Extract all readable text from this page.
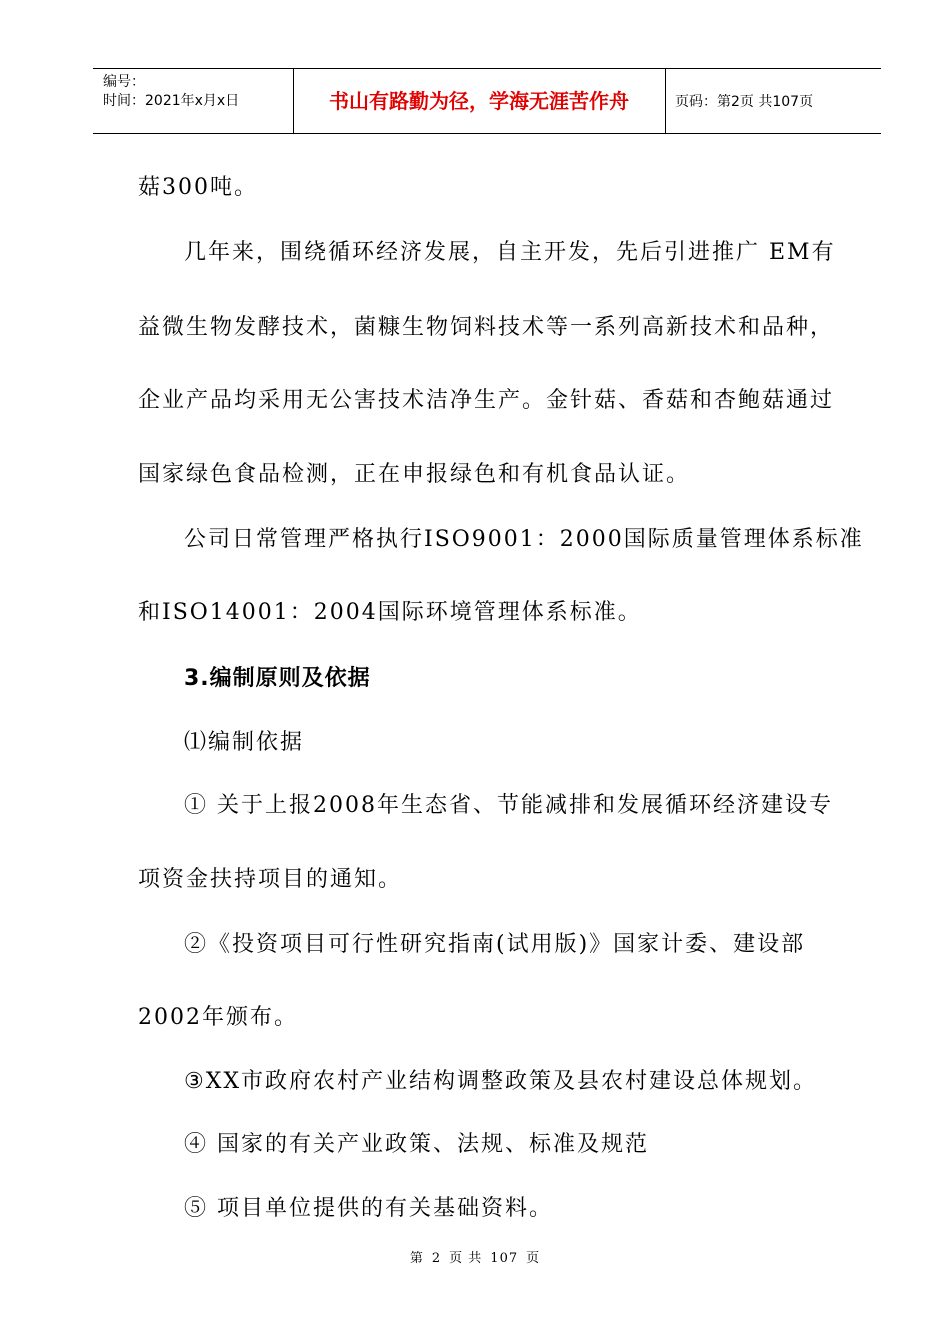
编号：
时间：2021年x月x日	书山有路勤为径，学海无涯苦作舟	页码：第2页 共107页
菇300吨。
几年来，围绕循环经济发展，自主开发，先后引进推广 EM有
益微生物发酵技术，菌糠生物饲料技术等一系列高新技术和品种，
企业产品均采用无公害技术洁净生产。金针菇、香菇和杏鲍菇通过
国家绿色食品检测，正在申报绿色和有机食品认证。
公司日常管理严格执行ISO9001：2000国际质量管理体系标准
和ISO14001：2004国际环境管理体系标准。
3.编制原则及依据
⑴编制依据
① 关于上报2008年生态省、节能减排和发展循环经济建设专
项资金扶持项目的通知。
②《投资项目可行性研究指南(试用版)》国家计委、建设部
2002年颁布。
③XX市政府农村产业结构调整政策及县农村建设总体规划。
④ 国家的有关产业政策、法规、标准及规范
⑤ 项目单位提供的有关基础资料。
第 2 页 共 107 页
